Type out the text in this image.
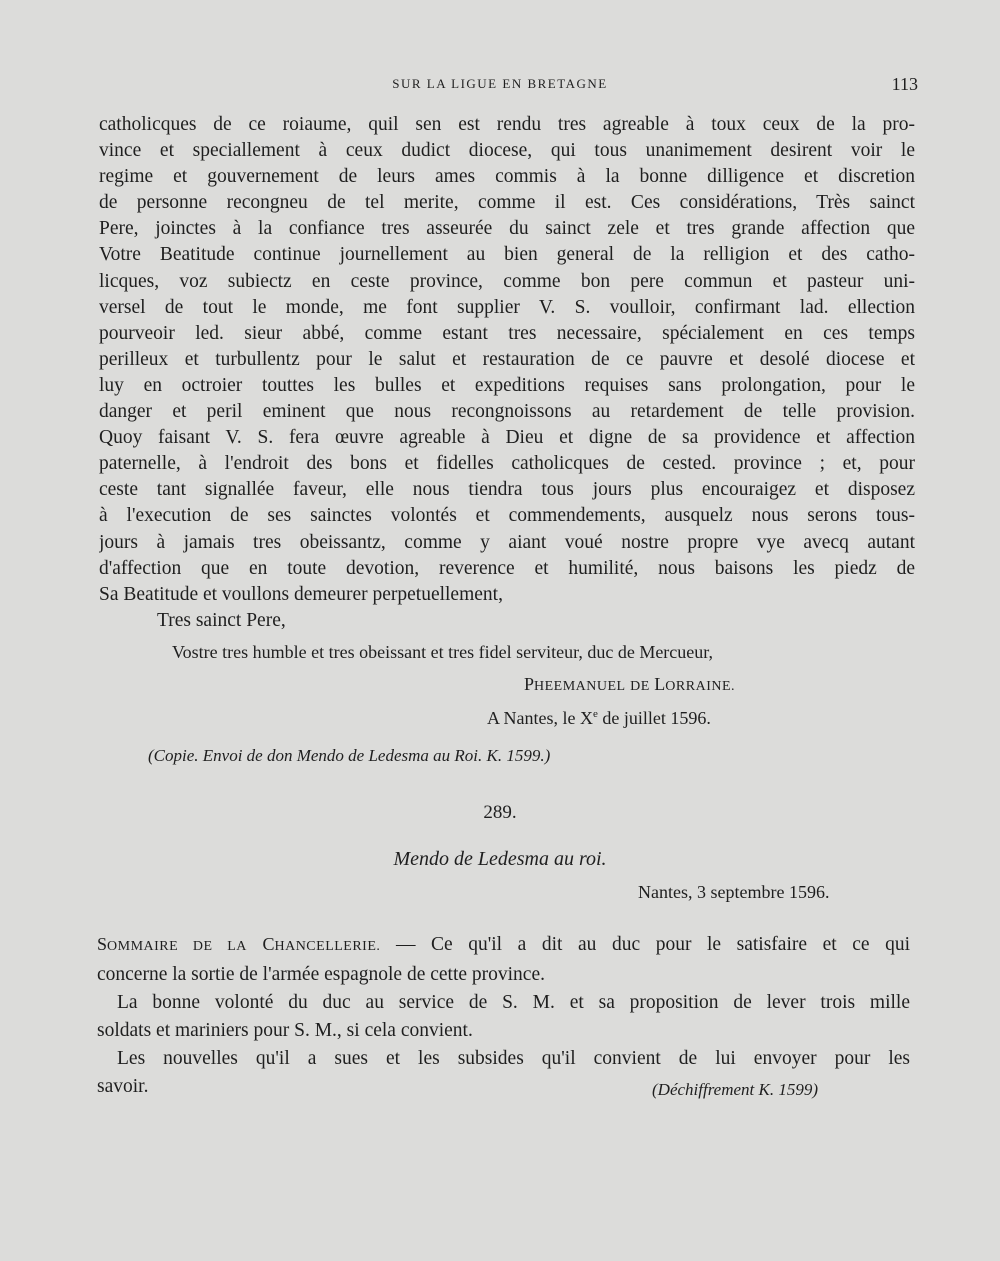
SUR LA LIGUE EN BRETAGNE	113
catholicques de ce roiaume, quil sen est rendu tres agreable à toux ceux de la pro-
vince et speciallement à ceux dudict diocese, qui tous unanimement desirent voir le
regime et gouvernement de leurs ames commis à la bonne dilligence et discretion
de personne recongneu de tel merite, comme il est. Ces considérations, Très sainct
Pere, joinctes à la confiance tres asseurée du sainct zele et tres grande affection que
Votre Beatitude continue journellement au bien general de la relligion et des catho-
licques, voz subiectz en ceste province, comme bon pere commun et pasteur uni-
versel de tout le monde, me font supplier V. S. voulloir, confirmant lad. ellection
pourveoir led. sieur abbé, comme estant tres necessaire, spécialement en ces temps
perilleux et turbullentz pour le salut et restauration de ce pauvre et desolé diocese et
luy en octroier touttes les bulles et expeditions requises sans prolongation, pour le
danger et peril eminent que nous recongnoissons au retardement de telle provision.
Quoy faisant V. S. fera œuvre agreable à Dieu et digne de sa providence et affection
paternelle, à l'endroit des bons et fidelles catholicques de cested. province ; et, pour
ceste tant signallée faveur, elle nous tiendra tous jours plus encouraigez et disposez
à l'execution de ses sainctes volontés et commendements, ausquelz nous serons tous-
jours à jamais tres obeissantz, comme y aiant voué nostre propre vye avecq autant
d'affection que en toute devotion, reverence et humilité, nous baisons les piedz de
Sa Beatitude et voullons demeurer perpetuellement,
Tres sainct Pere,
Vostre tres humble et tres obeissant et tres fidel serviteur, duc de Mercueur,
PHEEMANUEL DE LORRAINE.
A Nantes, le Xe de juillet 1596.
(Copie. Envoi de don Mendo de Ledesma au Roi. K. 1599.)
289.
Mendo de Ledesma au roi.
Nantes, 3 septembre 1596.
SOMMAIRE DE LA CHANCELLERIE. — Ce qu'il a dit au duc pour le satisfaire et ce qui
concerne la sortie de l'armée espagnole de cette province.
La bonne volonté du duc au service de S. M. et sa proposition de lever trois mille
soldats et mariniers pour S. M., si cela convient.
Les nouvelles qu'il a sues et les subsides qu'il convient de lui envoyer pour les
savoir.	(Déchiffrement K. 1599)
